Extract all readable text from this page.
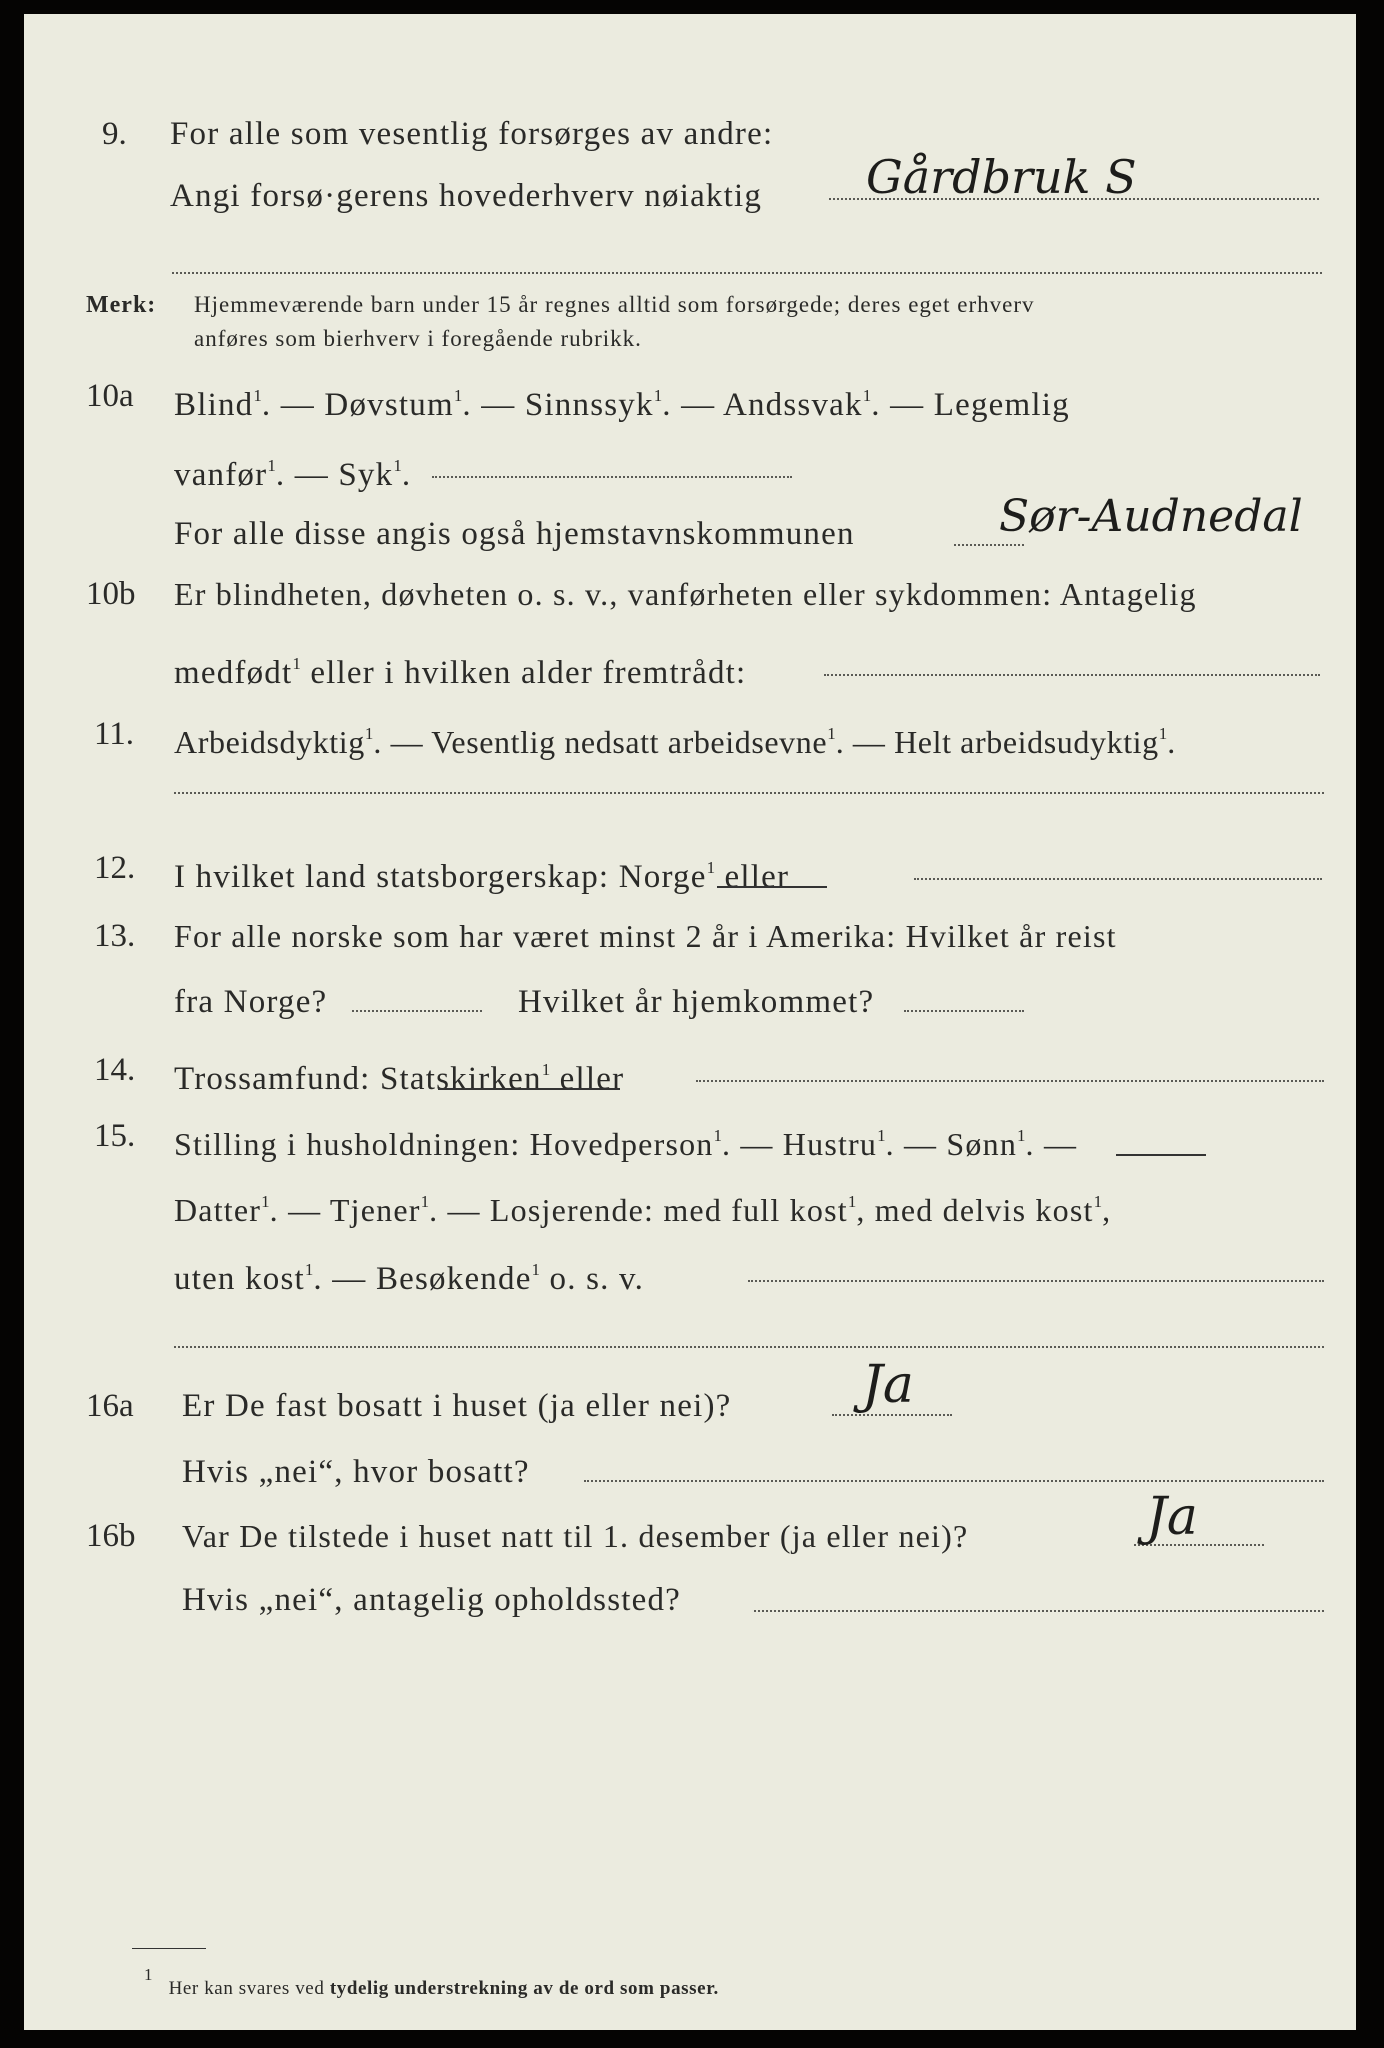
9. For alle som vesentlig forsørges av andre:
Angi forsø·gerens hovederhverv nøiaktig Gårdbruk S
Merk: Hjemmeværende barn under 15 år regnes alltid som forsørgede; deres eget erhverv
anføres som bierhverv i foregående rubrikk.
10a Blind$^1$. — Døvstum$^1$. — Sinnssyk$^1$. — Andssvak$^1$. — Legemlig
vanfør$^1$. — Syk$^1$.
For alle disse angis også hjemstavnskommunen	Sør-Audnedal
10b Er blindheten, døvheten o. s. v., vanførheten eller sykdommen: Antagelig
medfødt$^1$ eller i hvilken alder fremtrådt:
11. Arbeidsdyktig$^1$. — Vesentlig nedsatt arbeidsevne$^1$. — Helt arbeidsudyktig$^1$.
12. I hvilket land statsborgerskap: Norge$^1$ eller
13. For alle norske som har været minst 2 år i Amerika: Hvilket år reist
fra Norge?	Hvilket år hjemkommet?
14. Trossamfund: Statskirken$^1$ eller
15. Stilling i husholdningen: Hovedperson$^1$. — Hustru$^1$. — Sønn$^1$. —
Datter$^1$. — Tjener$^1$. — Losjerende: med full kost$^1$, med delvis kost$^1$,
uten kost$^1$. — Besøkende$^1$ o. s. v.
16a Er De fast bosatt i huset (ja eller nei)?	Ja
Hvis „nei“, hvor bosatt?
16b Var De tilstede i huset natt til 1. desember (ja eller nei)?	Ja
Hvis „nei“, antagelig opholdssted?
1   Her kan svares ved tydelig understrekning av de ord som passer.
